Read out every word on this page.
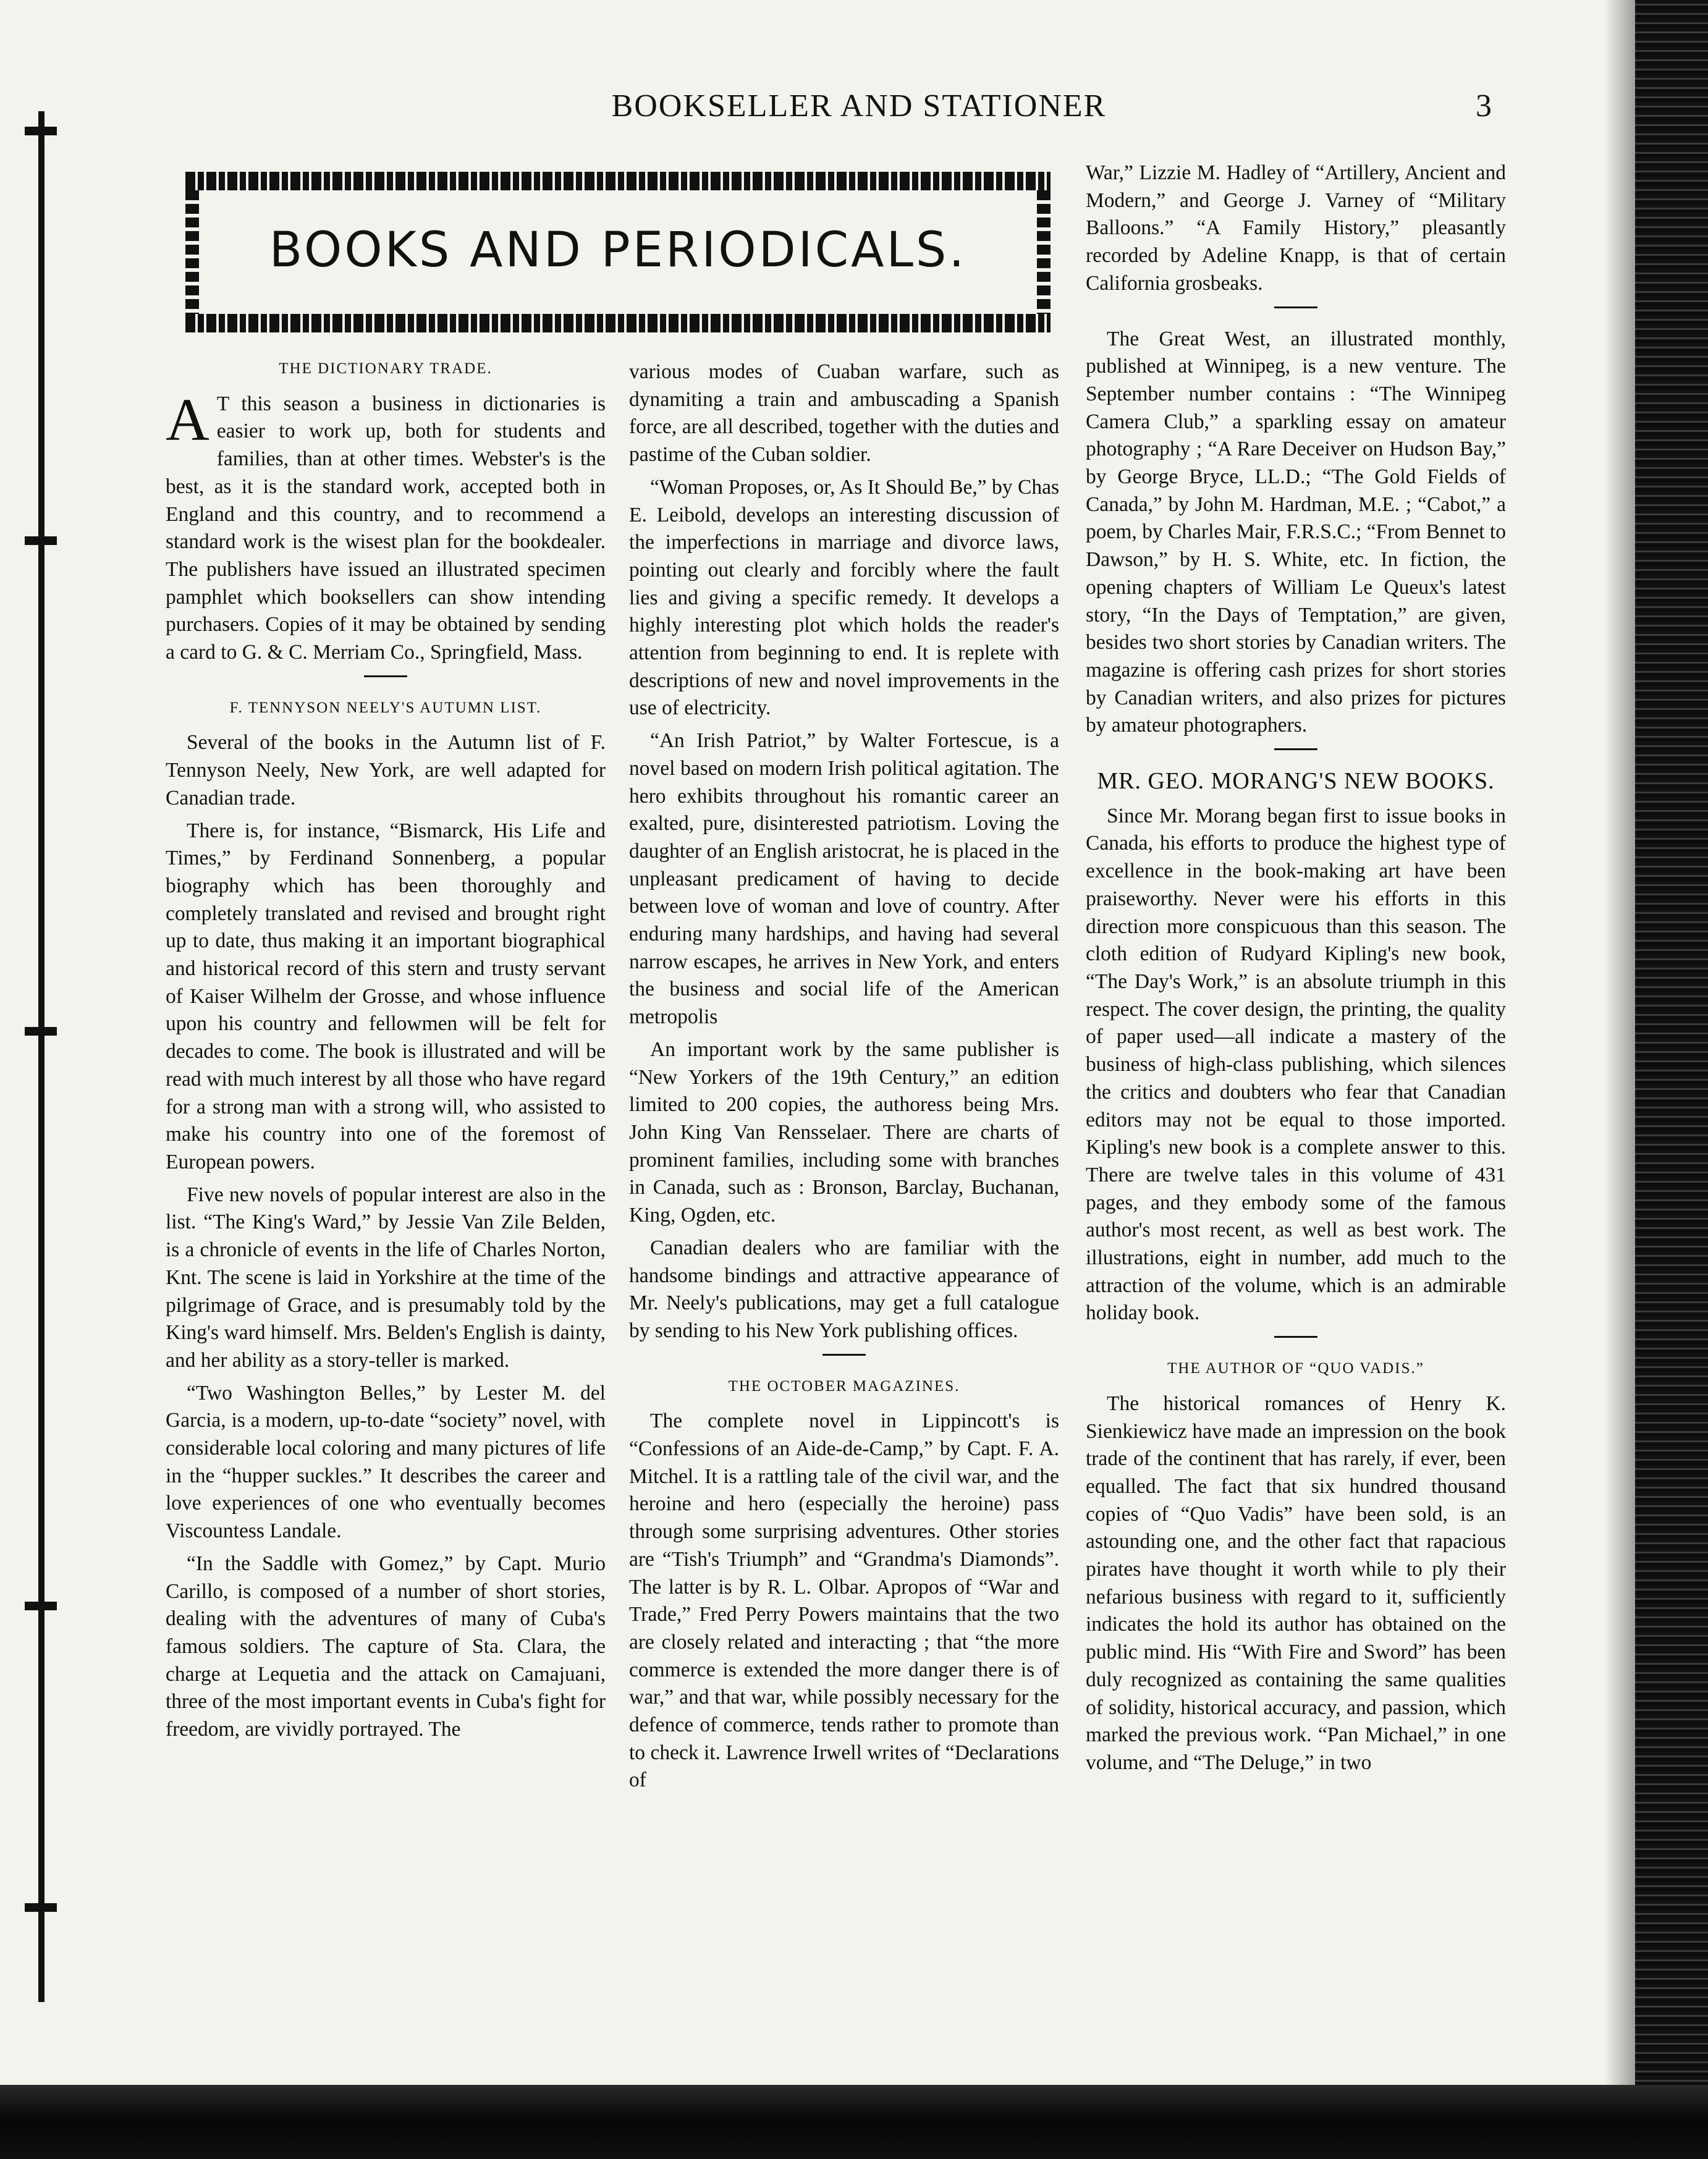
BOOKSELLER AND STATIONER	3
BOOKS AND PERIODICALS.
THE DICTIONARY TRADE.

A T this season a business in dictionaries is easier to work up, both for students and families, than at other times. Webster's is the best, as it is the standard work, accepted both in England and this country, and to recommend a standard work is the wisest plan for the bookdealer. The publishers have issued an illustrated specimen pamphlet which booksellers can show intending purchasers. Copies of it may be obtained by sending a card to G. & C. Merriam Co., Springfield, Mass.

F. TENNYSON NEELY'S AUTUMN LIST.

Several of the books in the Autumn list of F. Tennyson Neely, New York, are well adapted for Canadian trade.

There is, for instance, “Bismarck, His Life and Times,” by Ferdinand Sonnenberg, a popular biography which has been thoroughly and completely translated and revised and brought right up to date, thus making it an important biographical and historical record of this stern and trusty servant of Kaiser Wilhelm der Grosse, and whose influence upon his country and fellowmen will be felt for decades to come. The book is illustrated and will be read with much interest by all those who have regard for a strong man with a strong will, who assisted to make his country into one of the foremost of European powers.

Five new novels of popular interest are also in the list. “The King's Ward,” by Jessie Van Zile Belden, is a chronicle of events in the life of Charles Norton, Knt. The scene is laid in Yorkshire at the time of the pilgrimage of Grace, and is presumably told by the King's ward himself. Mrs. Belden's English is dainty, and her ability as a story-teller is marked.

“Two Washington Belles,” by Lester M. del Garcia, is a modern, up-to-date “society” novel, with considerable local coloring and many pictures of life in the “hupper suckles.” It describes the career and love experiences of one who eventually becomes Viscountess Landale.

“In the Saddle with Gomez,” by Capt. Murio Carillo, is composed of a number of short stories, dealing with the adventures of many of Cuba's famous soldiers. The capture of Sta. Clara, the charge at Lequetia and the attack on Camajuani, three of the most important events in Cuba's fight for freedom, are vividly portrayed. The

various modes of Cuaban warfare, such as dynamiting a train and ambuscading a Spanish force, are all described, together with the duties and pastime of the Cuban soldier.

“Woman Proposes, or, As It Should Be,” by Chas E. Leibold, develops an interesting discussion of the imperfections in marriage and divorce laws, pointing out clearly and forcibly where the fault lies and giving a specific remedy. It develops a highly interesting plot which holds the reader's attention from beginning to end. It is replete with descriptions of new and novel improvements in the use of electricity.

“An Irish Patriot,” by Walter Fortescue, is a novel based on modern Irish political agitation. The hero exhibits throughout his romantic career an exalted, pure, disinterested patriotism. Loving the daughter of an English aristocrat, he is placed in the unpleasant predicament of having to decide between love of woman and love of country. After enduring many hardships, and having had several narrow escapes, he arrives in New York, and enters the business and social life of the American metropolis

An important work by the same publisher is “New Yorkers of the 19th Century,” an edition limited to 200 copies, the authoress being Mrs. John King Van Rensselaer. There are charts of prominent families, including some with branches in Canada, such as : Bronson, Barclay, Buchanan, King, Ogden, etc.

Canadian dealers who are familiar with the handsome bindings and attractive appearance of Mr. Neely's publications, may get a full catalogue by sending to his New York publishing offices.

THE OCTOBER MAGAZINES.

The complete novel in Lippincott's is “Confessions of an Aide-de-Camp,” by Capt. F. A. Mitchel. It is a rattling tale of the civil war, and the heroine and hero (especially the heroine) pass through some surprising adventures. Other stories are “Tish's Triumph” and “Grandma's Diamonds”. The latter is by R. L. Olbar. Apropos of “War and Trade,” Fred Perry Powers maintains that the two are closely related and interacting ; that “the more commerce is extended the more danger there is of war,” and that war, while possibly necessary for the defence of commerce, tends rather to promote than to check it. Lawrence Irwell writes of “Declarations of

War,” Lizzie M. Hadley of “Artillery, Ancient and Modern,” and George J. Varney of “Military Balloons.” “A Family History,” pleasantly recorded by Adeline Knapp, is that of certain California grosbeaks.

The Great West, an illustrated monthly, published at Winnipeg, is a new venture. The September number contains : “The Winnipeg Camera Club,” a sparkling essay on amateur photography ; “A Rare Deceiver on Hudson Bay,” by George Bryce, LL.D.; “The Gold Fields of Canada,” by John M. Hardman, M.E. ; “Cabot,” a poem, by Charles Mair, F.R.S.C.; “From Bennet to Dawson,” by H. S. White, etc. In fiction, the opening chapters of William Le Queux's latest story, “In the Days of Temptation,” are given, besides two short stories by Canadian writers. The magazine is offering cash prizes for short stories by Canadian writers, and also prizes for pictures by amateur photographers.

MR. GEO. MORANG'S NEW BOOKS.

Since Mr. Morang began first to issue books in Canada, his efforts to produce the highest type of excellence in the book-making art have been praiseworthy. Never were his efforts in this direction more conspicuous than this season. The cloth edition of Rudyard Kipling's new book, “The Day's Work,” is an absolute triumph in this respect. The cover design, the printing, the quality of paper used—all indicate a mastery of the business of high-class publishing, which silences the critics and doubters who fear that Canadian editors may not be equal to those imported. Kipling's new book is a complete answer to this. There are twelve tales in this volume of 431 pages, and they embody some of the famous author's most recent, as well as best work. The illustrations, eight in number, add much to the attraction of the volume, which is an admirable holiday book.

THE AUTHOR OF “QUO VADIS.”

The historical romances of Henry K. Sienkiewicz have made an impression on the book trade of the continent that has rarely, if ever, been equalled. The fact that six hundred thousand copies of “Quo Vadis” have been sold, is an astounding one, and the other fact that rapacious pirates have thought it worth while to ply their nefarious business with regard to it, sufficiently indicates the hold its author has obtained on the public mind. His “With Fire and Sword” has been duly recognized as containing the same qualities of solidity, historical accuracy, and passion, which marked the previous work. “Pan Michael,” in one volume, and “The Deluge,” in two
